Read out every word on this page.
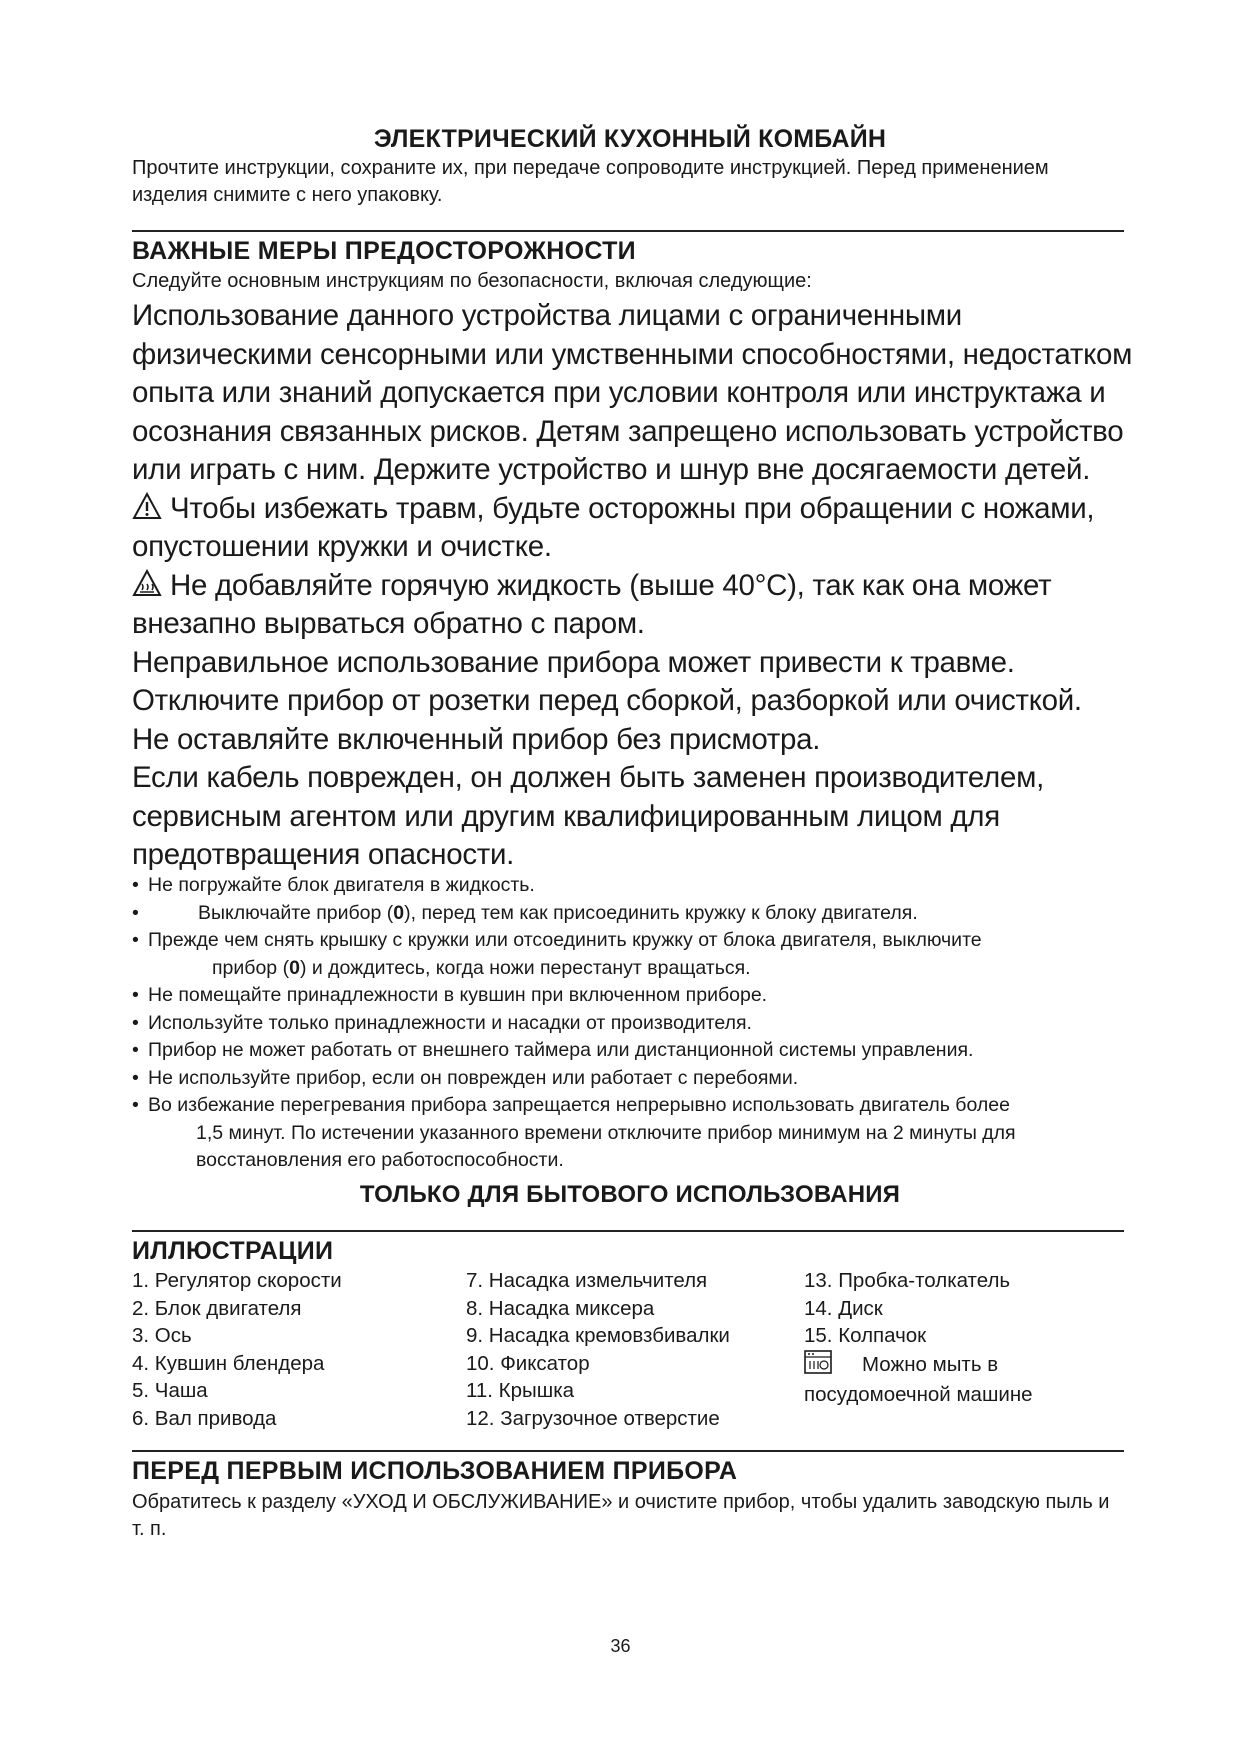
ЭЛЕКТРИЧЕСКИЙ КУХОННЫЙ КОМБАЙН
Прочтите инструкции, сохраните их, при передаче сопроводите инструкцией. Перед применением изделия снимите с него упаковку.
ВАЖНЫЕ МЕРЫ ПРЕДОСТОРОЖНОСТИ
Следуйте основным инструкциям по безопасности, включая следующие:

Использование данного устройства лицами с ограниченными физическими сенсорными или умственными способностями, недостатком опыта или знаний допускается при условии контроля или инструктажа и осознания связанных рисков. Детям запрещено использовать устройство или играть с ним. Держите устройство и шнур вне досягаемости детей.

Чтобы избежать травм, будьте осторожны при обращении с ножами, опустошении кружки и очистке.

Не добавляйте горячую жидкость (выше 40°C), так как она может внезапно вырваться обратно с паром.

Неправильное использование прибора может привести к травме.

Отключите прибор от розетки перед сборкой, разборкой или очисткой.

Не оставляйте включенный прибор без присмотра.

Если кабель поврежден, он должен быть заменен производителем, сервисным агентом или другим квалифицированным лицом для предотвращения опасности.

• Не погружайте блок двигателя в жидкость.
• Выключайте прибор (0), перед тем как присоединить кружку к блоку двигателя.
• Прежде чем снять крышку с кружки или отсоединить кружку от блока двигателя, выключите
прибор (0) и дождитесь, когда ножи перестанут вращаться.
• Не помещайте принадлежности в кувшин при включенном приборе.
• Используйте только принадлежности и насадки от производителя.
• Прибор не может работать от внешнего таймера или дистанционной системы управления.
• Не используйте прибор, если он поврежден или работает с перебоями.
• Во избежание перегревания прибора запрещается непрерывно использовать двигатель более
1,5 минут. По истечении указанного времени отключите прибор минимум на 2 минуты для
восстановления его работоспособности.
ТОЛЬКО ДЛЯ БЫТОВОГО ИСПОЛЬЗОВАНИЯ
ИЛЛЮСТРАЦИИ
1. Регулятор скорости
2. Блок двигателя
3. Ось
4. Кувшин блендера
5. Чаша
6. Вал привода
7. Насадка измельчителя
8. Насадка миксера
9. Насадка кремовзбивалки
10. Фиксатор
11. Крышка
12. Загрузочное отверстие
13. Пробка-толкатель
14. Диск
15. Колпачок
Можно мыть в
посудомоечной машине
ПЕРЕД ПЕРВЫМ ИСПОЛЬЗОВАНИЕМ ПРИБОРА
Обратитесь к разделу «УХОД И ОБСЛУЖИВАНИЕ» и очистите прибор, чтобы удалить заводскую пыль и т. п.
36
